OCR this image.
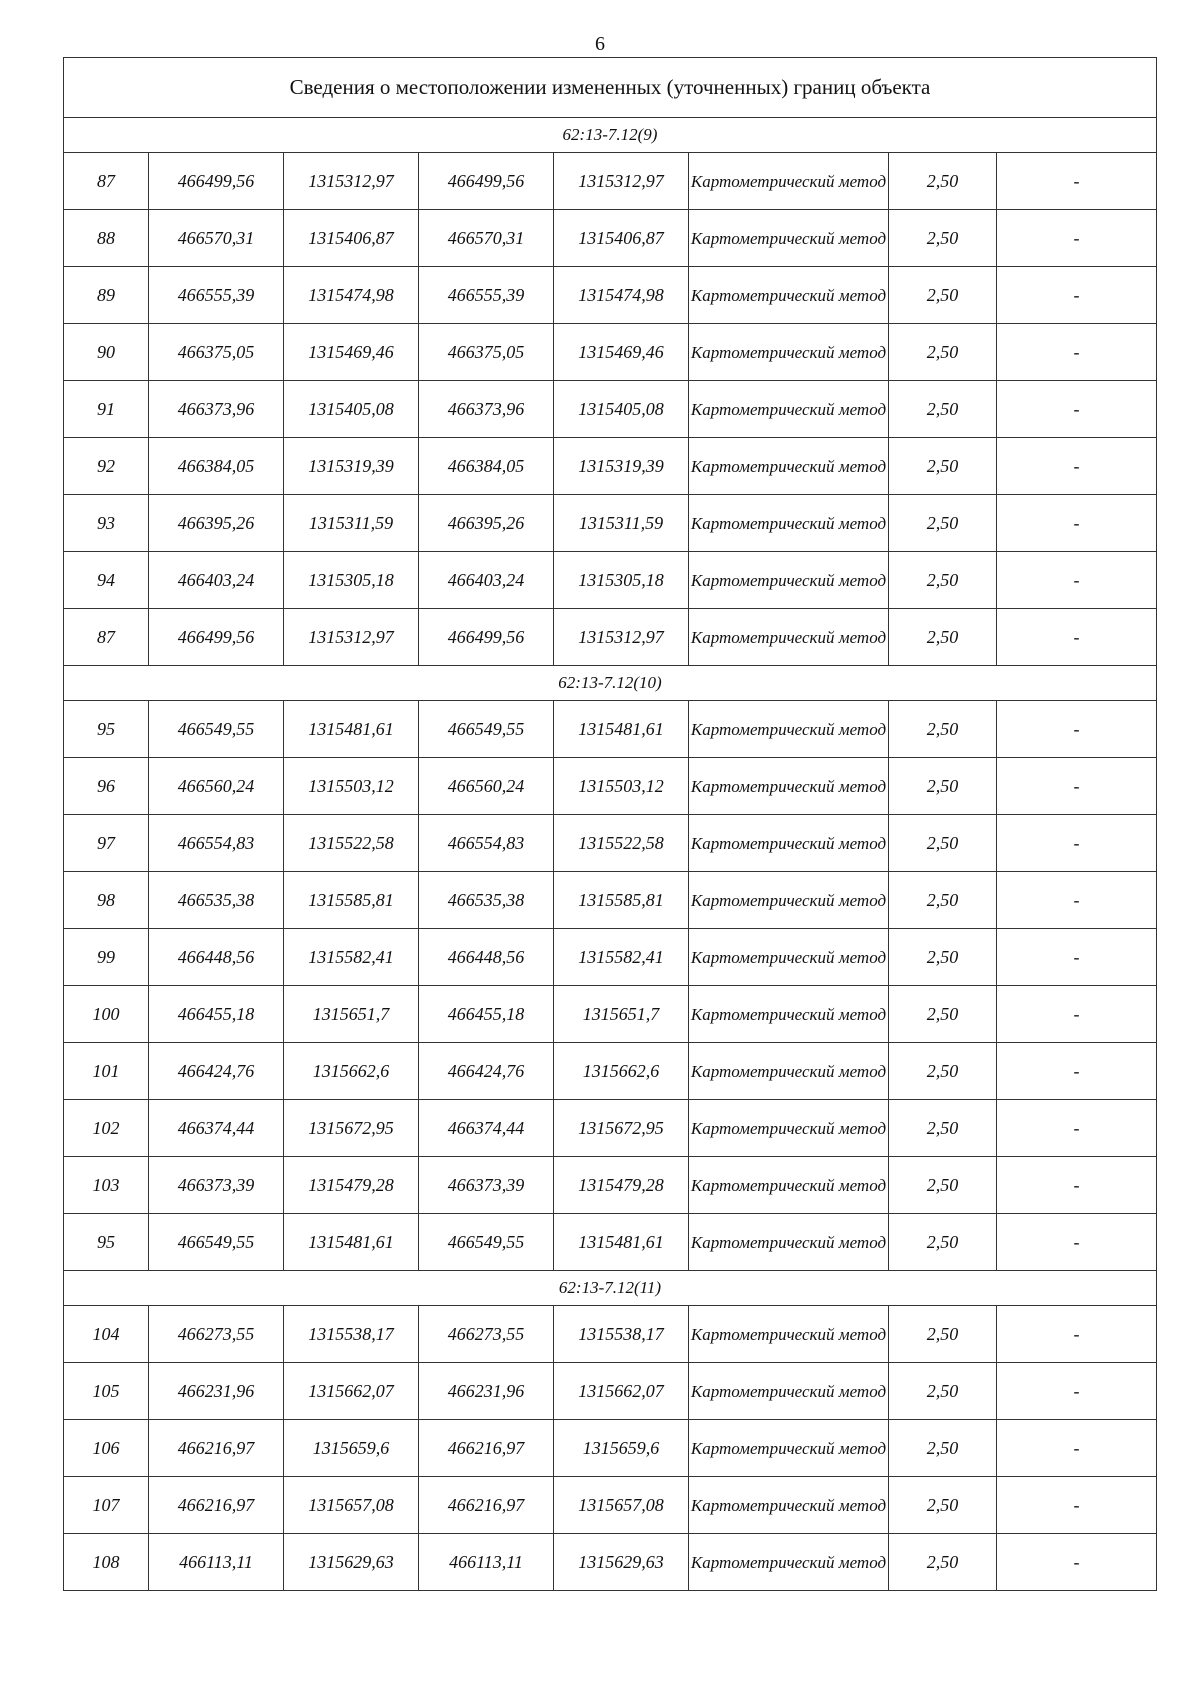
6
Сведения о местоположении измененных (уточненных) границ объекта							
62:13-7.12(9)							
87	466499,56	1315312,97	466499,56	1315312,97	Картометрический метод	2,50	-
88	466570,31	1315406,87	466570,31	1315406,87	Картометрический метод	2,50	-
89	466555,39	1315474,98	466555,39	1315474,98	Картометрический метод	2,50	-
90	466375,05	1315469,46	466375,05	1315469,46	Картометрический метод	2,50	-
91	466373,96	1315405,08	466373,96	1315405,08	Картометрический метод	2,50	-
92	466384,05	1315319,39	466384,05	1315319,39	Картометрический метод	2,50	-
93	466395,26	1315311,59	466395,26	1315311,59	Картометрический метод	2,50	-
94	466403,24	1315305,18	466403,24	1315305,18	Картометрический метод	2,50	-
87	466499,56	1315312,97	466499,56	1315312,97	Картометрический метод	2,50	-
62:13-7.12(10)							
95	466549,55	1315481,61	466549,55	1315481,61	Картометрический метод	2,50	-
96	466560,24	1315503,12	466560,24	1315503,12	Картометрический метод	2,50	-
97	466554,83	1315522,58	466554,83	1315522,58	Картометрический метод	2,50	-
98	466535,38	1315585,81	466535,38	1315585,81	Картометрический метод	2,50	-
99	466448,56	1315582,41	466448,56	1315582,41	Картометрический метод	2,50	-
100	466455,18	1315651,7	466455,18	1315651,7	Картометрический метод	2,50	-
101	466424,76	1315662,6	466424,76	1315662,6	Картометрический метод	2,50	-
102	466374,44	1315672,95	466374,44	1315672,95	Картометрический метод	2,50	-
103	466373,39	1315479,28	466373,39	1315479,28	Картометрический метод	2,50	-
95	466549,55	1315481,61	466549,55	1315481,61	Картометрический метод	2,50	-
62:13-7.12(11)							
104	466273,55	1315538,17	466273,55	1315538,17	Картометрический метод	2,50	-
105	466231,96	1315662,07	466231,96	1315662,07	Картометрический метод	2,50	-
106	466216,97	1315659,6	466216,97	1315659,6	Картометрический метод	2,50	-
107	466216,97	1315657,08	466216,97	1315657,08	Картометрический метод	2,50	-
108	466113,11	1315629,63	466113,11	1315629,63	Картометрический метод	2,50	-
